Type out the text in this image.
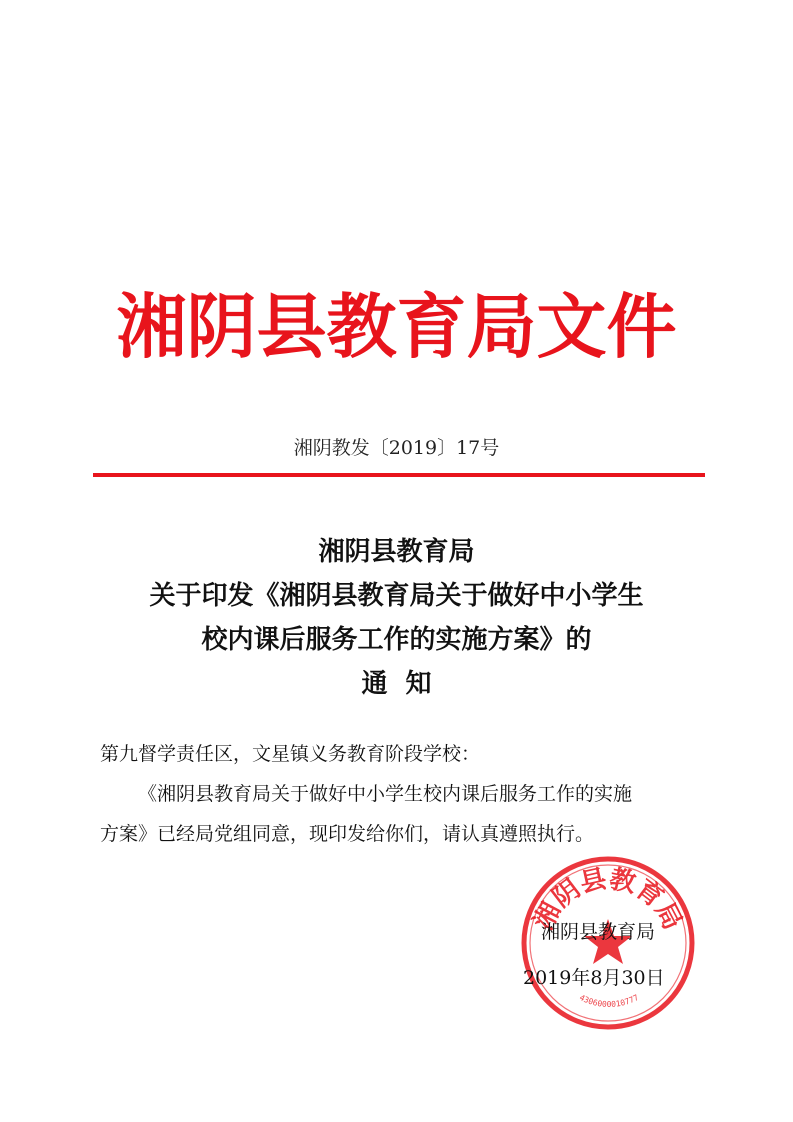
湘阴县教育局文件
湘阴教发〔2019〕17号
湘阴县教育局
关于印发《湘阴县教育局关于做好中小学生
校内课后服务工作的实施方案》的
通  知
第九督学责任区，文星镇义务教育阶段学校：
《湘阴县教育局关于做好中小学生校内课后服务工作的实施
方案》已经局党组同意，现印发给你们，请认真遵照执行。
湘阴县教育局
4306000010777
湘阴县教育局
2019年8月30日
